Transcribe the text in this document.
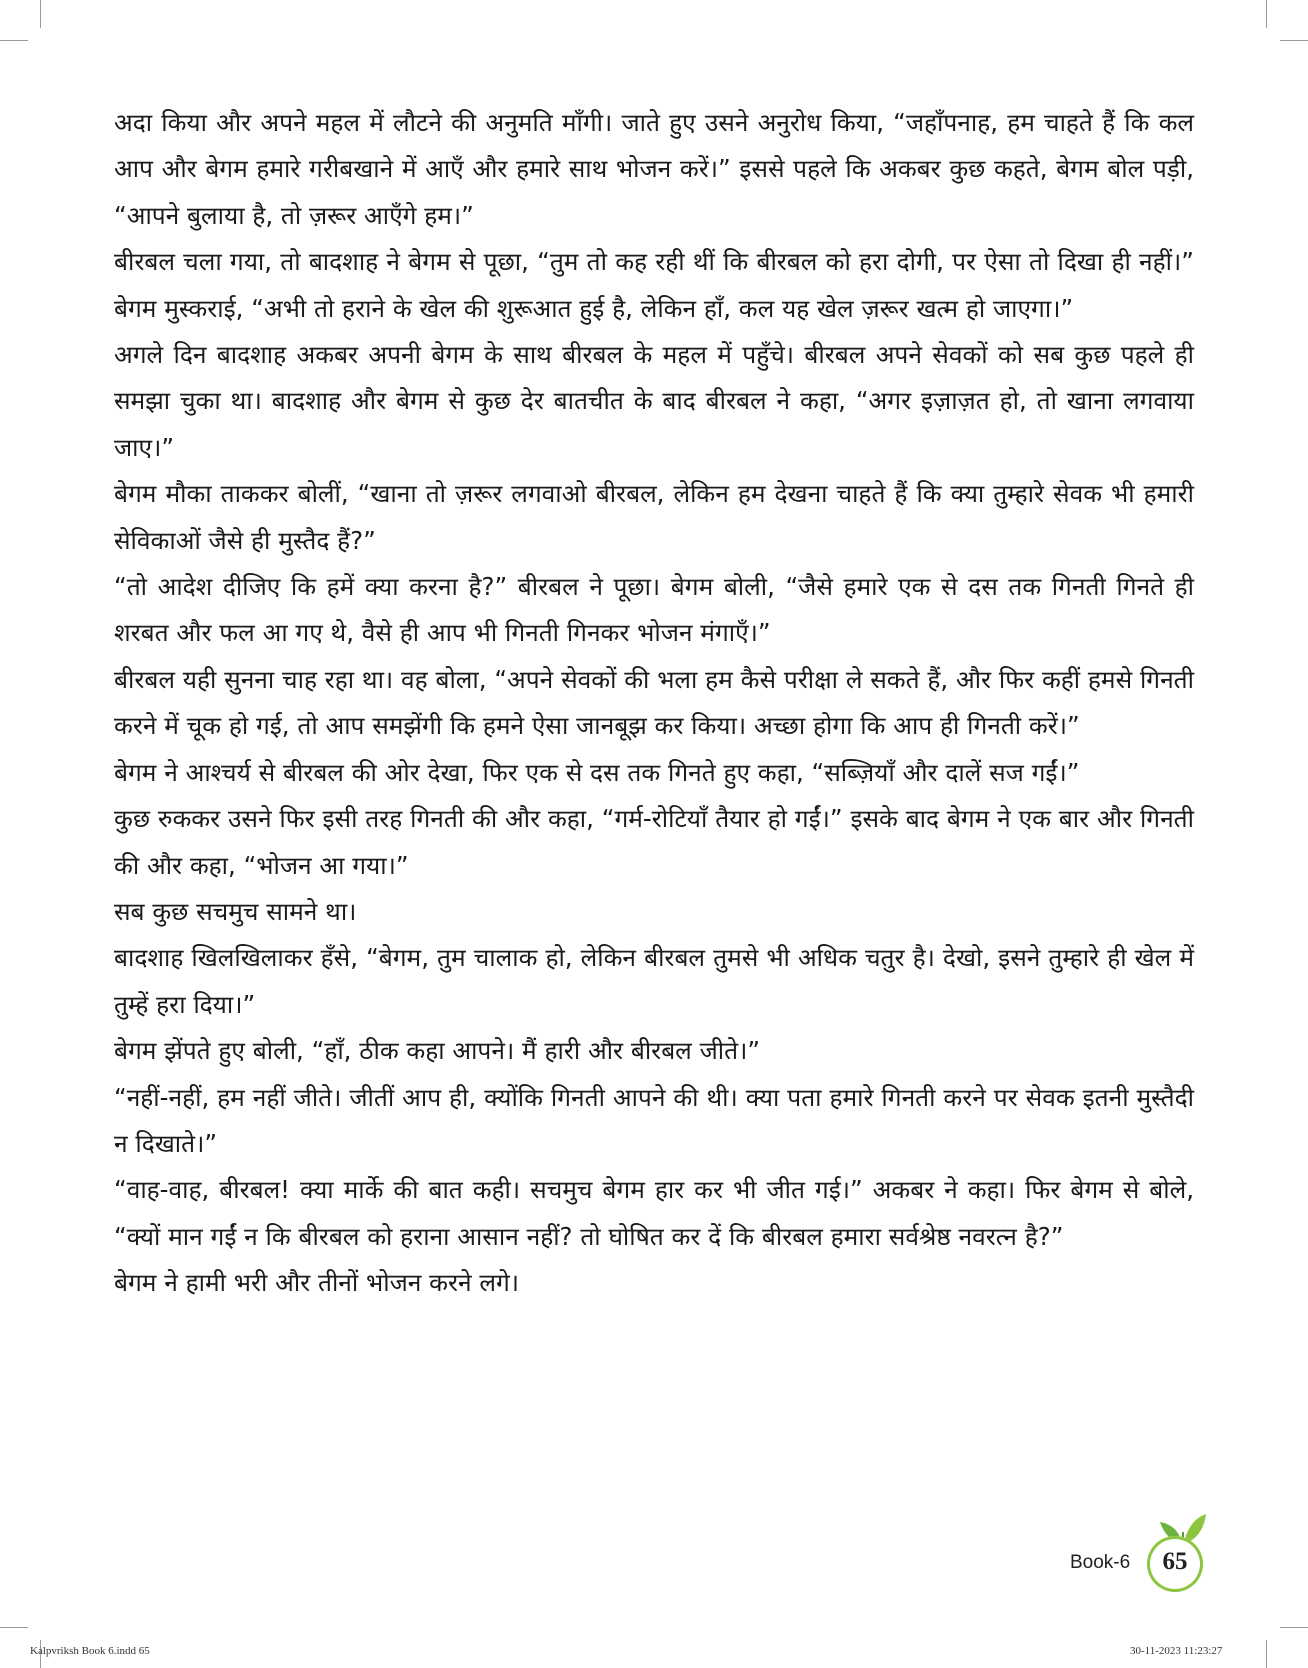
अदा किया और अपने महल में लौटने की अनुमति माँगी। जाते हुए उसने अनुरोध किया, “जहाँपनाह, हम चाहते हैं कि कल आप और बेगम हमारे गरीबखाने में आएँ और हमारे साथ भोजन करें।” इससे पहले कि अकबर कुछ कहते, बेगम बोल पड़ी, “आपने बुलाया है, तो ज़रूर आएँगे हम।”

बीरबल चला गया, तो बादशाह ने बेगम से पूछा, “तुम तो कह रही थीं कि बीरबल को हरा दोगी, पर ऐसा तो दिखा ही नहीं।” बेगम मुस्कराई, “अभी तो हराने के खेल की शुरूआत हुई है, लेकिन हाँ, कल यह खेल ज़रूर खत्म हो जाएगा।”

अगले दिन बादशाह अकबर अपनी बेगम के साथ बीरबल के महल में पहुँचे। बीरबल अपने सेवकों को सब कुछ पहले ही समझा चुका था। बादशाह और बेगम से कुछ देर बातचीत के बाद बीरबल ने कहा, “अगर इज़ाज़त हो, तो खाना लगवाया जाए।”

बेगम मौका ताककर बोलीं, “खाना तो ज़रूर लगवाओ बीरबल, लेकिन हम देखना चाहते हैं कि क्या तुम्हारे सेवक भी हमारी सेविकाओं जैसे ही मुस्तैद हैं?”

“तो आदेश दीजिए कि हमें क्या करना है?” बीरबल ने पूछा। बेगम बोली, “जैसे हमारे एक से दस तक गिनती गिनते ही शरबत और फल आ गए थे, वैसे ही आप भी गिनती गिनकर भोजन मंगाएँ।”

बीरबल यही सुनना चाह रहा था। वह बोला, “अपने सेवकों की भला हम कैसे परीक्षा ले सकते हैं, और फिर कहीं हमसे गिनती करने में चूक हो गई, तो आप समझेंगी कि हमने ऐसा जानबूझ कर किया। अच्छा होगा कि आप ही गिनती करें।”

बेगम ने आश्चर्य से बीरबल की ओर देखा, फिर एक से दस तक गिनते हुए कहा, “सब्ज़ियाँ और दालें सज गईं।”

कुछ रुककर उसने फिर इसी तरह गिनती की और कहा, “गर्म-रोटियाँ तैयार हो गईं।” इसके बाद बेगम ने एक बार और गिनती की और कहा, “भोजन आ गया।”

सब कुछ सचमुच सामने था।

बादशाह खिलखिलाकर हँसे, “बेगम, तुम चालाक हो, लेकिन बीरबल तुमसे भी अधिक चतुर है। देखो, इसने तुम्हारे ही खेल में तुम्हें हरा दिया।”

बेगम झेंपते हुए बोली, “हाँ, ठीक कहा आपने। मैं हारी और बीरबल जीते।”

“नहीं-नहीं, हम नहीं जीते। जीतीं आप ही, क्योंकि गिनती आपने की थी। क्या पता हमारे गिनती करने पर सेवक इतनी मुस्तैदी न दिखाते।”

“वाह-वाह, बीरबल! क्या मार्के की बात कही। सचमुच बेगम हार कर भी जीत गई।” अकबर ने कहा। फिर बेगम से बोले, “क्यों मान गईं न कि बीरबल को हराना आसान नहीं? तो घोषित कर दें कि बीरबल हमारा सर्वश्रेष्ठ नवरत्न है?”

बेगम ने हामी भरी और तीनों भोजन करने लगे।

Book-6	65
Kalpvriksh Book 6.indd 65	30-11-2023 11:23:27
